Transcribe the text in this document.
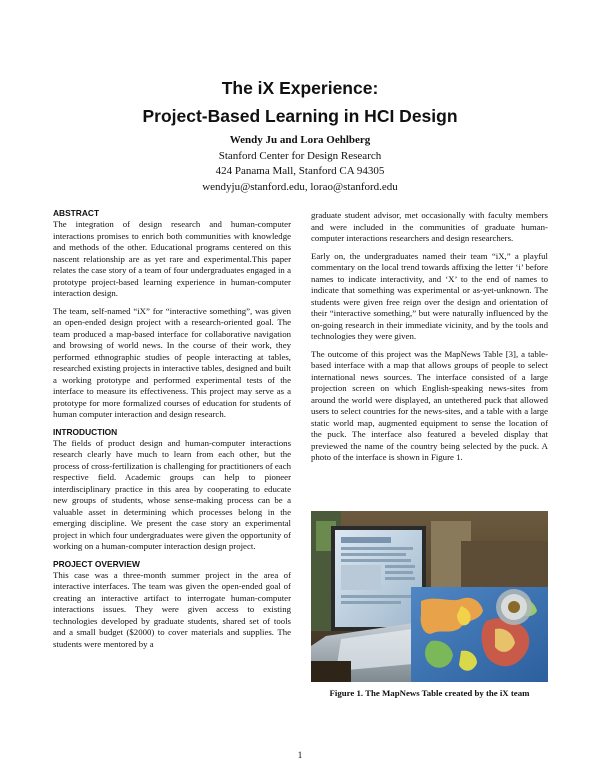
The iX Experience:
Project-Based Learning in HCI Design
Wendy Ju and Lora Oehlberg
Stanford Center for Design Research
424 Panama Mall, Stanford CA 94305
wendyju@stanford.edu, lorao@stanford.edu
ABSTRACT

The integration of design research and human-computer interactions promises to enrich both communities with knowledge and methods of the other. Educational programs centered on this nascent relationship are as yet rare and experimental.This paper relates the case story of a team of four undergraduates engaged in a prototype project-based learning experience in human-computer interaction design.

The team, self-named “iX” for “interactive something”, was given an open-ended design project with a research-oriented goal. The team produced a map-based interface for collaborative navigation and browsing of world news. In the course of their work, they performed ethnographic studies of people interacting at tables, researched existing projects in interactive tables, designed and built a working prototype and performed experimental tests of the interface to measure its effectiveness. This project may serve as a prototype for more formalized courses of education for students of human computer interaction and design research.

INTRODUCTION

The fields of product design and human-computer interactions research clearly have much to learn from each other, but the process of cross-fertilization is challenging for practitioners of each respective field. Academic groups can help to pioneer interdisciplinary practice in this area by cooperating to educate new groups of students, whose sense-making process can be a valuable asset in determining which processes belong in the emerging discipline. We present the case story an experimental project in which four undergraduates were given the opportunity of working on a human-computer interaction design project.

PROJECT OVERVIEW

This case was a three-month summer project in the area of interactive interfaces. The team was given the open-ended goal of creating an interactive artifact to interrogate human-computer interactions issues. They were given access to existing technologies developed by graduate students, shared set of tools and a small budget ($2000) to cover materials and supplies. The students were mentored by a

graduate student advisor, met occasionally with faculty members and were included in the communities of graduate human-computer interactions researchers and design researchers.

Early on, the undergraduates named their team “iX,” a playful commentary on the local trend towards affixing the letter ‘i’ before names to indicate interactivity, and ‘X’ to the end of names to indicate that something was experimental or as-yet-unknown. The students were given free reign over the design and orientation of their “interactive something,” but were naturally influenced by the on-going research in their immediate vicinity, and by the tools and technologies they were given.

The outcome of this project was the MapNews Table [3], a table-based interface with a map that allows groups of people to select international news sources. The interface consisted of a large projection screen on which English-speaking news-sites from around the world were displayed, an untethered puck that allowed users to select countries for the news-sites, and a table with a large static world map, augmented equipment to sense the location of the puck. The interface also featured a beveled display that previewed the name of the country being selected by the puck. A photo of the interface is shown in Figure 1.

Figure 1. The MapNews Table created by the iX team
1
